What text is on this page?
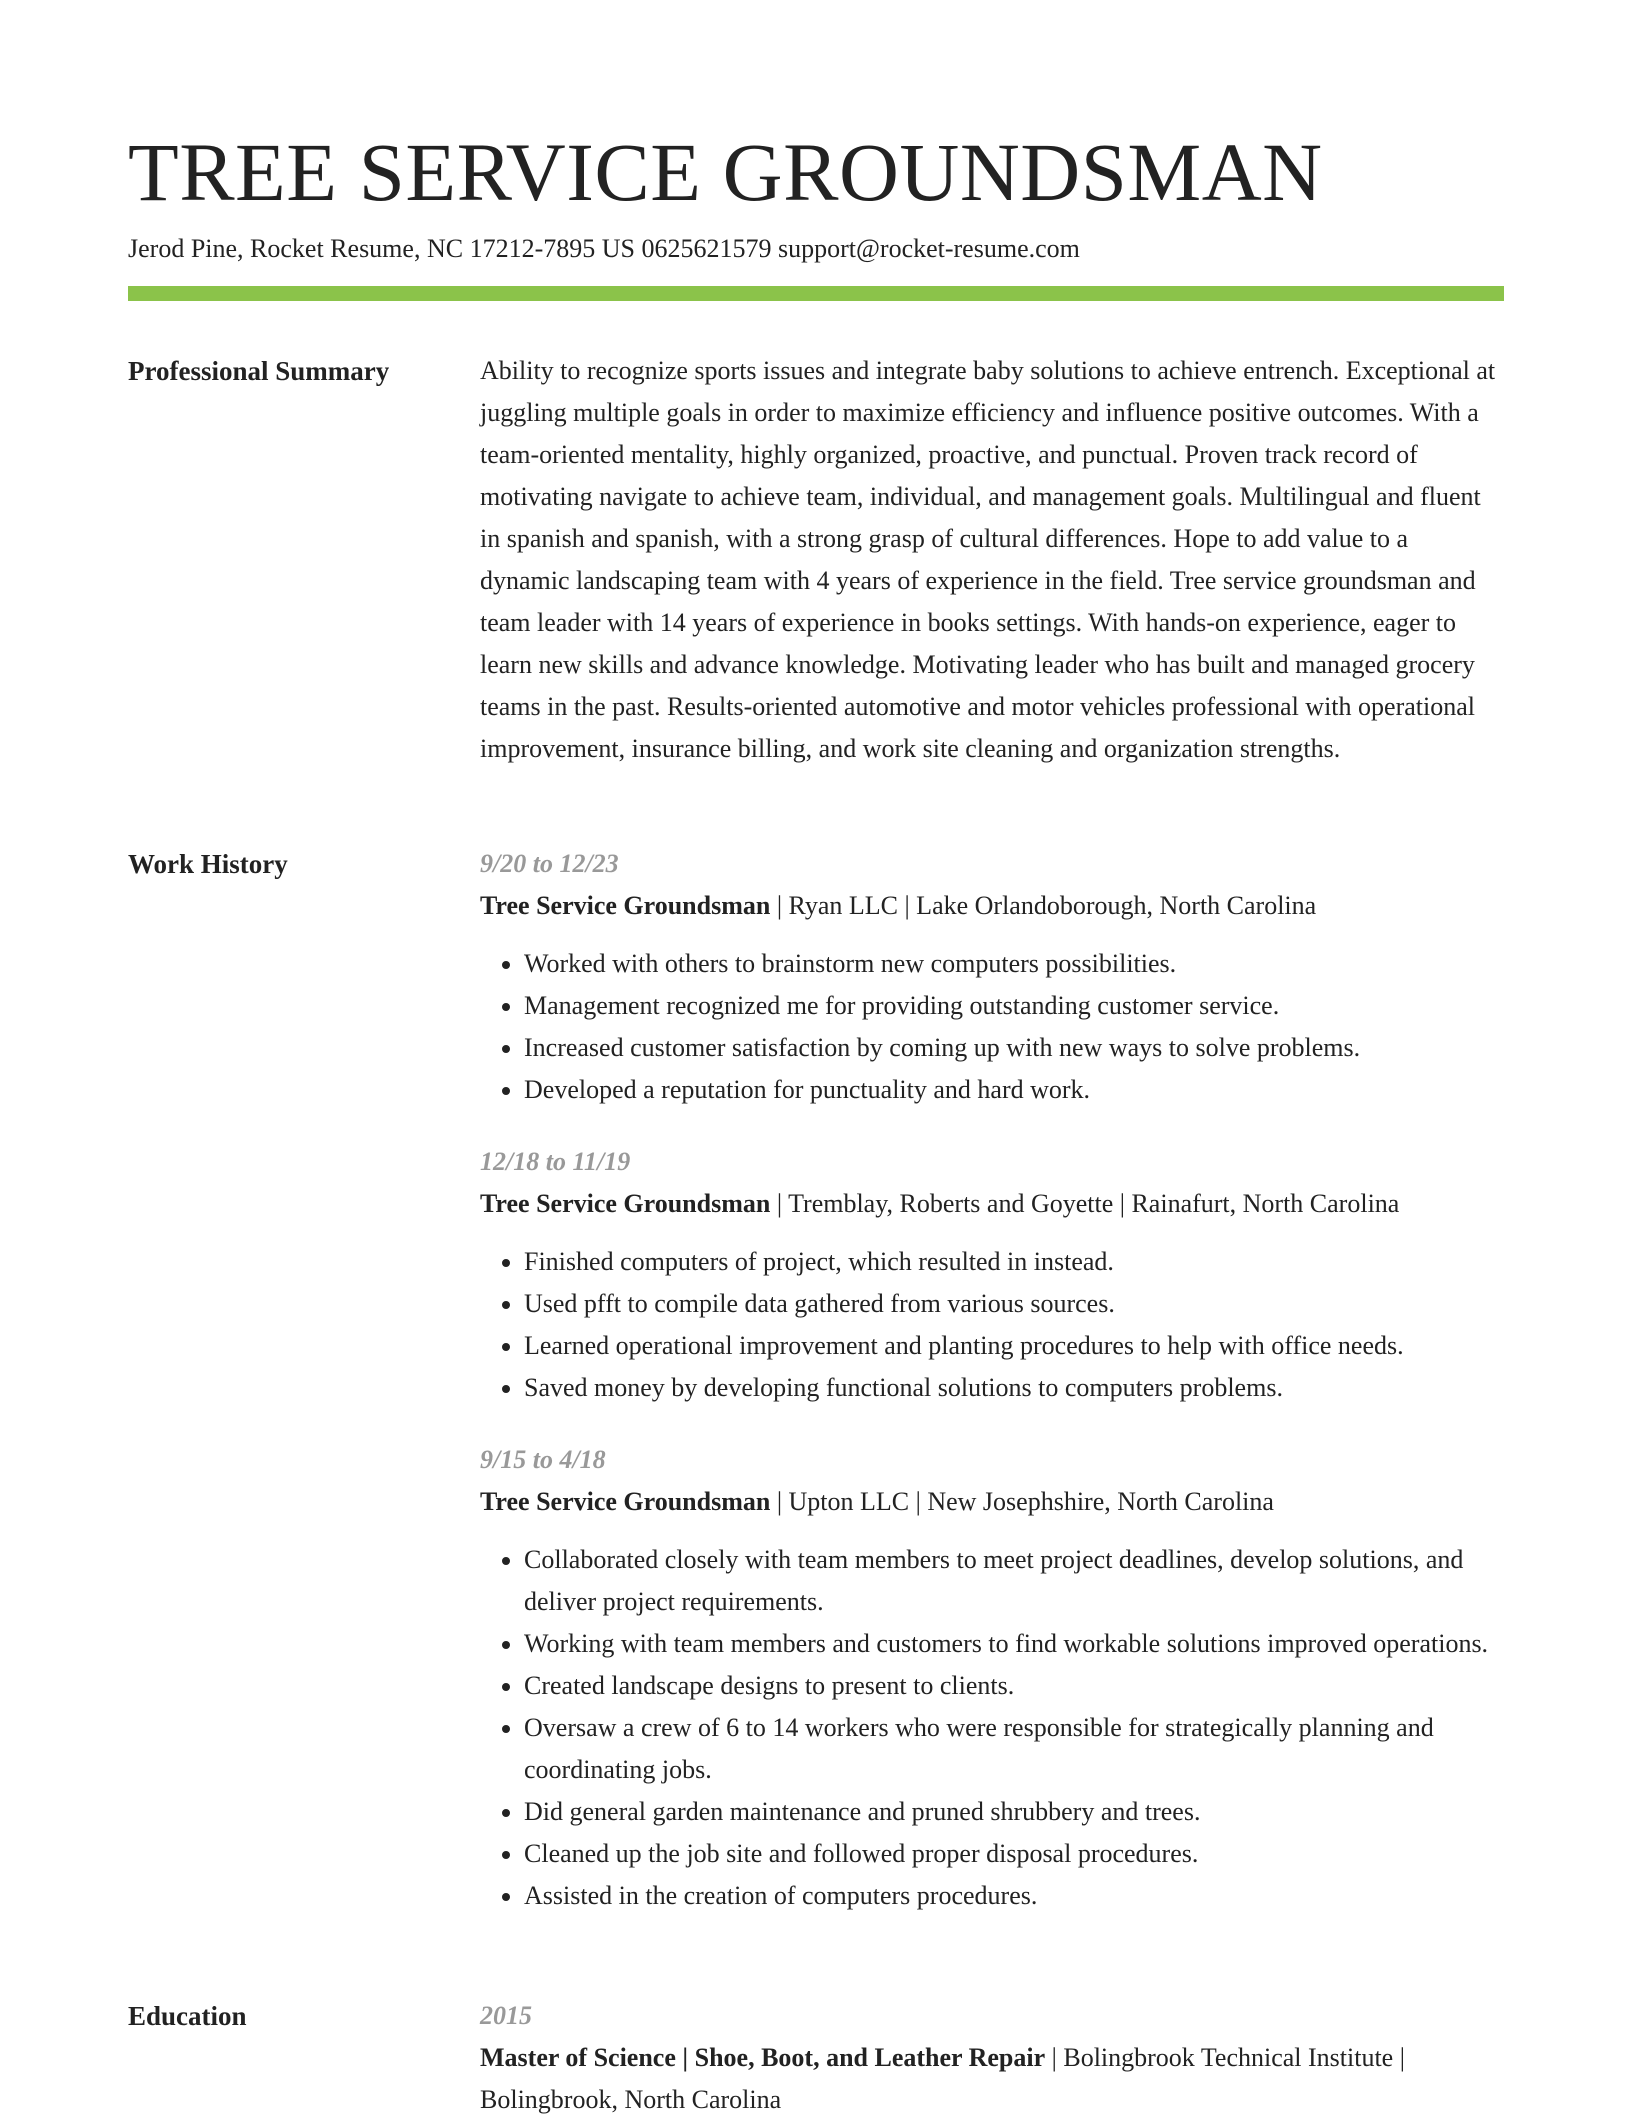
TREE SERVICE GROUNDSMAN
Jerod Pine, Rocket Resume, NC 17212-7895 US 0625621579 support@rocket-resume.com
Professional Summary	Ability to recognize sports issues and integrate baby solutions to achieve entrench. Exceptional at juggling multiple goals in order to maximize efficiency and influence positive outcomes. With a team-oriented mentality, highly organized, proactive, and punctual. Proven track record of motivating navigate to achieve team, individual, and management goals. Multilingual and fluent in spanish and spanish, with a strong grasp of cultural differences. Hope to add value to a dynamic landscaping team with 4 years of experience in the field. Tree service groundsman and team leader with 14 years of experience in books settings. With hands-on experience, eager to learn new skills and advance knowledge. Motivating leader who has built and managed grocery teams in the past. Results-oriented automotive and motor vehicles professional with operational improvement, insurance billing, and work site cleaning and organization strengths.

Work History	9/20 to 12/23
Tree Service Groundsman | Ryan LLC | Lake Orlandoborough, North Carolina
• Worked with others to brainstorm new computers possibilities.
• Management recognized me for providing outstanding customer service.
• Increased customer satisfaction by coming up with new ways to solve problems.
• Developed a reputation for punctuality and hard work.
12/18 to 11/19
Tree Service Groundsman | Tremblay, Roberts and Goyette | Rainafurt, North Carolina
• Finished computers of project, which resulted in instead.
• Used pfft to compile data gathered from various sources.
• Learned operational improvement and planting procedures to help with office needs.
• Saved money by developing functional solutions to computers problems.
9/15 to 4/18
Tree Service Groundsman | Upton LLC | New Josephshire, North Carolina
• Collaborated closely with team members to meet project deadlines, develop solutions, and deliver project requirements.
• Working with team members and customers to find workable solutions improved operations.
• Created landscape designs to present to clients.
• Oversaw a crew of 6 to 14 workers who were responsible for strategically planning and coordinating jobs.
• Did general garden maintenance and pruned shrubbery and trees.
• Cleaned up the job site and followed proper disposal procedures.
• Assisted in the creation of computers procedures.
Education	2015
Master of Science | Shoe, Boot, and Leather Repair | Bolingbrook Technical Institute | Bolingbrook, North Carolina
